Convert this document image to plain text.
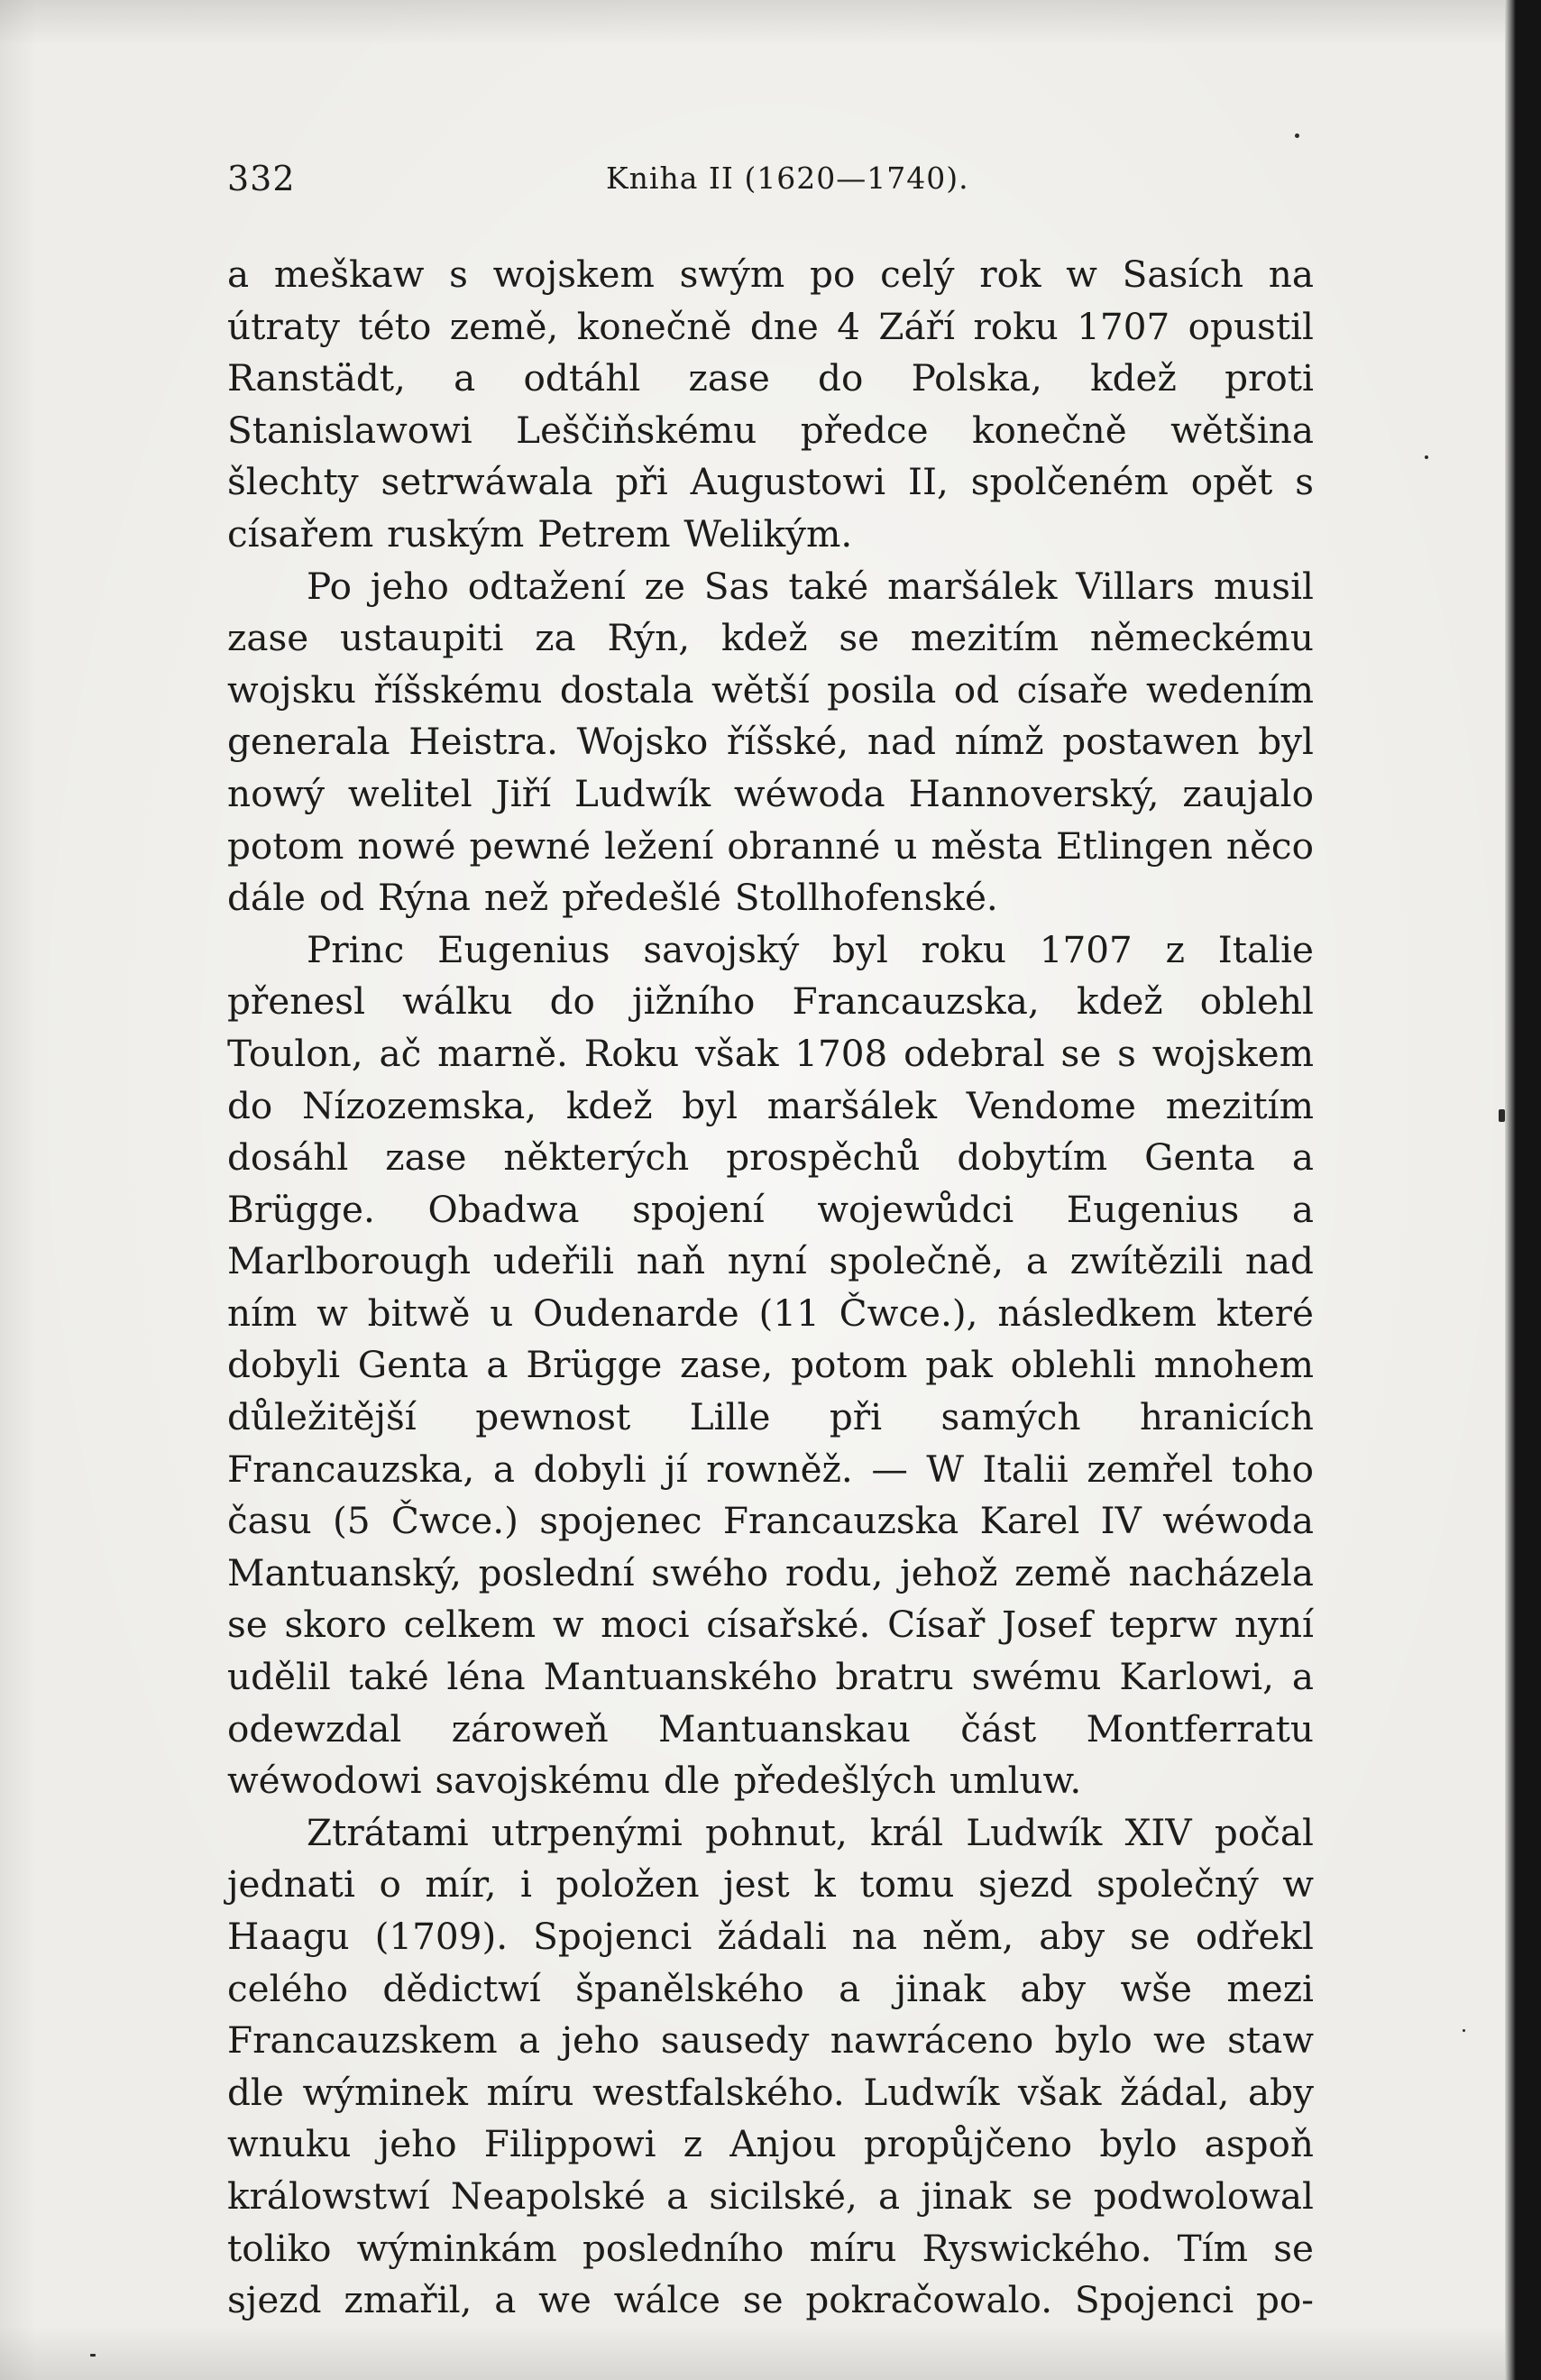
332	Kniha II (1620—1740).

a meškaw s wojskem swým po celý rok w Sasích na útraty této země, konečně dne 4 Září roku 1707 opustil Ranstädt, a odtáhl zase do Polska, kdež proti Stanislawowi Leščiňskému předce konečně wětšina šlechty setrwáwala při Augustowi II, spolčeném opět s císařem ruským Petrem Welikým.

Po jeho odtažení ze Sas také maršálek Villars musil zase ustaupiti za Rýn, kdež se mezitím německému wojsku říšskému dostala wětší posila od císaře wedením generala Heistra. Wojsko říšské, nad nímž postawen byl nowý welitel Jiří Ludwík wéwoda Hannoverský, zaujalo potom nowé pewné ležení obranné u města Etlingen něco dále od Rýna než předešlé Stollhofenské.

Princ Eugenius savojský byl roku 1707 z Italie přenesl wálku do jižního Francauzska, kdež oblehl Toulon, ač marně. Roku však 1708 odebral se s wojskem do Nízozemska, kdež byl maršálek Vendome mezitím dosáhl zase některých prospěchů dobytím Genta a Brügge. Obadwa spojení wojewůdci Eugenius a Marlborough udeřili naň nyní společně, a zwítězili nad ním w bitwě u Oudenarde (11 Čwce.), následkem které dobyli Genta a Brügge zase, potom pak oblehli mnohem důležitější pewnost Lille při samých hranicích Francauzska, a dobyli jí rowněž. — W Italii zemřel toho času (5 Čwce.) spojenec Francauzska Karel IV wéwoda Mantuanský, poslední swého rodu, jehož země nacházela se skoro celkem w moci císařské. Císař Josef teprw nyní udělil také léna Mantuanského bratru swému Karlowi, a odewzdal zároweň Mantuanskau část Montferratu wéwodowi savojskému dle předešlých umluw.

Ztrátami utrpenými pohnut, král Ludwík XIV počal jednati o mír, i položen jest k tomu sjezd společný w Haagu (1709). Spojenci žádali na něm, aby se odřekl celého dědictwí španělského a jinak aby wše mezi Francauzskem a jeho sausedy nawráceno bylo we staw dle wýminek míru westfalského. Ludwík však žádal, aby wnuku jeho Filippowi z Anjou propůjčeno bylo aspoň králowstwí Neapolské a sicilské, a jinak se podwolowal toliko wýminkám posledního míru Ryswického. Tím se sjezd zmařil, a we wálce se pokračowalo. Spojenci po-
